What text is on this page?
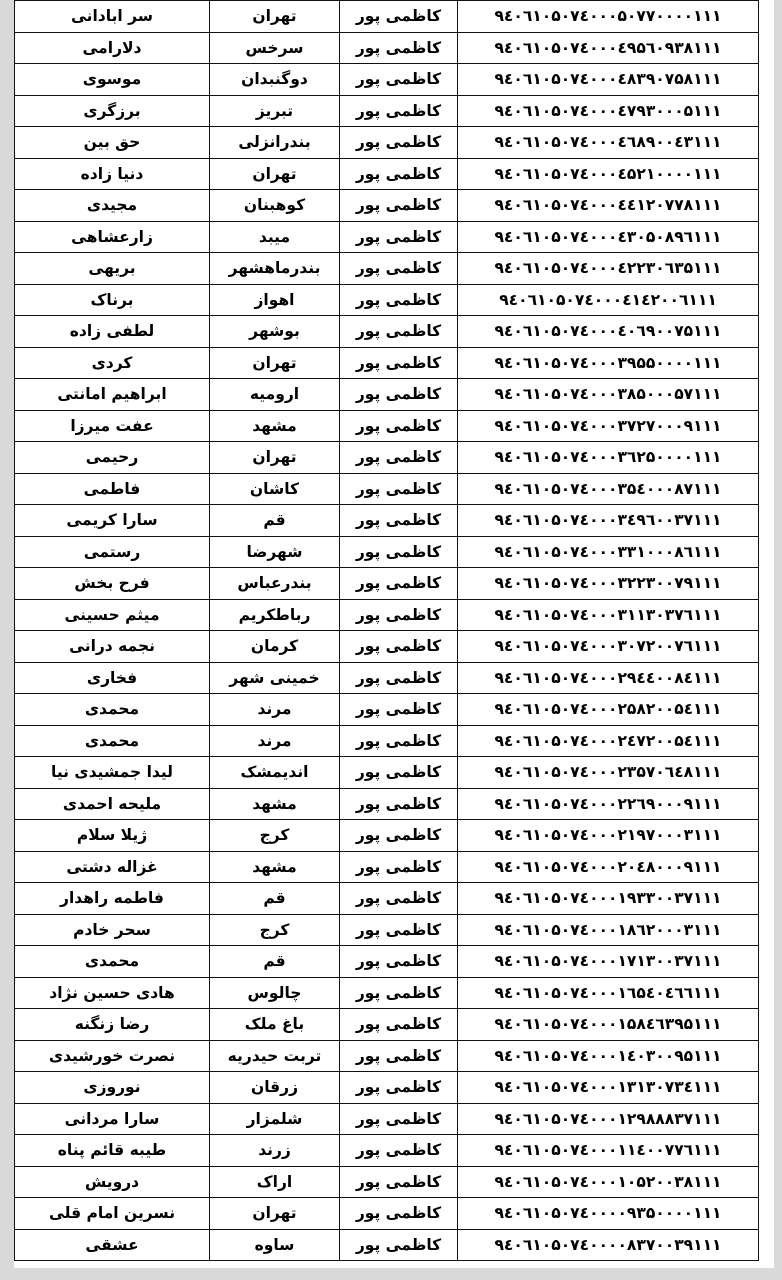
سر ابادانی	تهران	کاظمی پور	۹٤۰٦۱۰۵۰٧٤۰۰۰۵۰٧٧۰۰۰۰۱۱۱
دلارامی	سرخس	کاظمی پور	۹٤۰٦۱۰۵۰٧٤۰۰۰٤۹۵٦۰۹۳۸۱۱۱
موسوی	دوگنبدان	کاظمی پور	۹٤۰٦۱۰۵۰٧٤۰۰۰٤۸۳۹۰٧۵۸۱۱۱
برزگری	تبریز	کاظمی پور	۹٤۰٦۱۰۵۰٧٤۰۰۰٤٧۹۳۰۰۰۵۱۱۱
حق بین	بندرانزلی	کاظمی پور	۹٤۰٦۱۰۵۰٧٤۰۰۰٤٦۸۹۰۰٤۳۱۱۱
دنیا زاده	تهران	کاظمی پور	۹٤۰٦۱۰۵۰٧٤۰۰۰٤۵۲۱۰۰۰۰۱۱۱
مجیدی	کوهبنان	کاظمی پور	۹٤۰٦۱۰۵۰٧٤۰۰۰٤٤۱۲۰٧٧۸۱۱۱
زارعشاهی	میبد	کاظمی پور	۹٤۰٦۱۰۵۰٧٤۰۰۰٤۳۰۵۰۸۹٦۱۱۱
بریهی	بندرماهشهر	کاظمی پور	۹٤۰٦۱۰۵۰٧٤۰۰۰٤۲۲۳۰٦۳۵۱۱۱
برناک	اهواز	کاظمی پور	۹٤۰٦۱۰۵۰٧٤۰۰۰٤۱٤۲۰۰٦۱۱۱
لطفی زاده	بوشهر	کاظمی پور	۹٤۰٦۱۰۵۰٧٤۰۰۰٤۰٦۹۰۰٧۵۱۱۱
کردی	تهران	کاظمی پور	۹٤۰٦۱۰۵۰٧٤۰۰۰۳۹۵۵۰۰۰۰۱۱۱
ابراهیم امانتی	ارومیه	کاظمی پور	۹٤۰٦۱۰۵۰٧٤۰۰۰۳۸۵۰۰۰۵٧۱۱۱
عفت میرزا	مشهد	کاظمی پور	۹٤۰٦۱۰۵۰٧٤۰۰۰۳٧۲٧۰۰۰۹۱۱۱
رحیمی	تهران	کاظمی پور	۹٤۰٦۱۰۵۰٧٤۰۰۰۳٦۲۵۰۰۰۰۱۱۱
فاطمی	کاشان	کاظمی پور	۹٤۰٦۱۰۵۰٧٤۰۰۰۳۵٤۰۰۰۸٧۱۱۱
سارا کریمی	قم	کاظمی پور	۹٤۰٦۱۰۵۰٧٤۰۰۰۳٤۹٦۰۰۳٧۱۱۱
رستمی	شهرضا	کاظمی پور	۹٤۰٦۱۰۵۰٧٤۰۰۰۳۳۱۰۰۰۸٦۱۱۱
فرح بخش	بندرعباس	کاظمی پور	۹٤۰٦۱۰۵۰٧٤۰۰۰۳۲۲۳۰۰٧۹۱۱۱
میثم حسینی	رباطکریم	کاظمی پور	۹٤۰٦۱۰۵۰٧٤۰۰۰۳۱۱۳۰۳٧٦۱۱۱
نجمه درانی	کرمان	کاظمی پور	۹٤۰٦۱۰۵۰٧٤۰۰۰۳۰٧۲۰۰٧٦۱۱۱
فخاری	خمینی شهر	کاظمی پور	۹٤۰٦۱۰۵۰٧٤۰۰۰۲۹٤٤۰۰۸٤۱۱۱
محمدی	مرند	کاظمی پور	۹٤۰٦۱۰۵۰٧٤۰۰۰۲۵۸۲۰۰۵٤۱۱۱
محمدی	مرند	کاظمی پور	۹٤۰٦۱۰۵۰٧٤۰۰۰۲٤٧۲۰۰۵٤۱۱۱
لیدا جمشیدی نیا	اندیمشک	کاظمی پور	۹٤۰٦۱۰۵۰٧٤۰۰۰۲۳۵٧۰٦٤۸۱۱۱
ملیحه احمدی	مشهد	کاظمی پور	۹٤۰٦۱۰۵۰٧٤۰۰۰۲۲٦۹۰۰۰۹۱۱۱
ژیلا سلام	کرج	کاظمی پور	۹٤۰٦۱۰۵۰٧٤۰۰۰۲۱۹٧۰۰۰۳۱۱۱
غزاله دشتی	مشهد	کاظمی پور	۹٤۰٦۱۰۵۰٧٤۰۰۰۲۰٤۸۰۰۰۹۱۱۱
فاطمه راهدار	قم	کاظمی پور	۹٤۰٦۱۰۵۰٧٤۰۰۰۱۹۳۳۰۰۳٧۱۱۱
سحر خادم	کرج	کاظمی پور	۹٤۰٦۱۰۵۰٧٤۰۰۰۱۸٦۲۰۰۰۳۱۱۱
محمدی	قم	کاظمی پور	۹٤۰٦۱۰۵۰٧٤۰۰۰۱٧۱۳۰۰۳٧۱۱۱
هادی حسین نژاد	چالوس	کاظمی پور	۹٤۰٦۱۰۵۰٧٤۰۰۰۱٦۵٤۰٤٦٦۱۱۱
رضا زنگنه	باغ ملک	کاظمی پور	۹٤۰٦۱۰۵۰٧٤۰۰۰۱۵۸٤٦۳۹۵۱۱۱
نصرت خورشیدی	تربت حیدریه	کاظمی پور	۹٤۰٦۱۰۵۰٧٤۰۰۰۱٤۰۳۰۰۹۵۱۱۱
نوروزی	زرقان	کاظمی پور	۹٤۰٦۱۰۵۰٧٤۰۰۰۱۳۱۳۰٧۳٤۱۱۱
سارا مردانی	شلمزار	کاظمی پور	۹٤۰٦۱۰۵۰٧٤۰۰۰۱۲۹۸۸۸۳٧۱۱۱
طیبه قائم پناه	زرند	کاظمی پور	۹٤۰٦۱۰۵۰٧٤۰۰۰۱۱٤۰۰٧٧٦۱۱۱
درویش	اراک	کاظمی پور	۹٤۰٦۱۰۵۰٧٤۰۰۰۱۰۵۲۰۰۳۸۱۱۱
نسرین امام قلی	تهران	کاظمی پور	۹٤۰٦۱۰۵۰٧٤۰۰۰۰۹۳۵۰۰۰۰۱۱۱
عشقی	ساوه	کاظمی پور	۹٤۰٦۱۰۵۰٧٤۰۰۰۰۸۳٧۰۰۳۹۱۱۱
